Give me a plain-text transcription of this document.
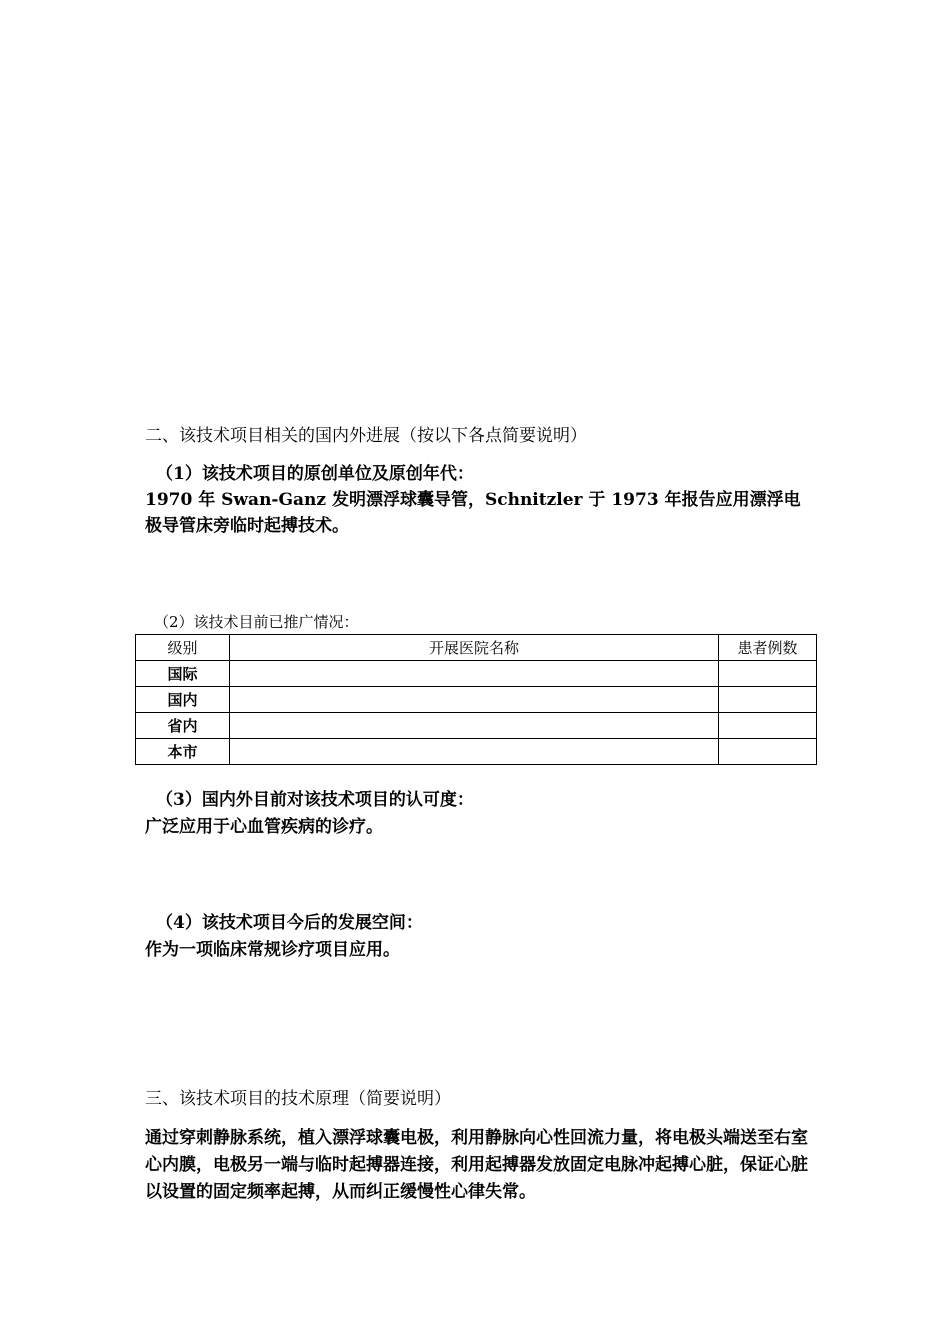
二、该技术项目相关的国内外进展（按以下各点简要说明）
（1）该技术项目的原创单位及原创年代：
1970 年 Swan-Ganz 发明漂浮球囊导管，Schnitzler 于 1973 年报告应用漂浮电极导管床旁临时起搏技术。
（2）该技术目前已推广情况：
级别	开展医院名称	患者例数
国际		
国内		
省内		
本市		
（3）国内外目前对该技术项目的认可度：
广泛应用于心血管疾病的诊疗。
（4）该技术项目今后的发展空间：
作为一项临床常规诊疗项目应用。
三、该技术项目的技术原理（简要说明）
通过穿刺静脉系统，植入漂浮球囊电极，利用静脉向心性回流力量，将电极头端送至右室心内膜，电极另一端与临时起搏器连接，利用起搏器发放固定电脉冲起搏心脏，保证心脏以设置的固定频率起搏，从而纠正缓慢性心律失常。
